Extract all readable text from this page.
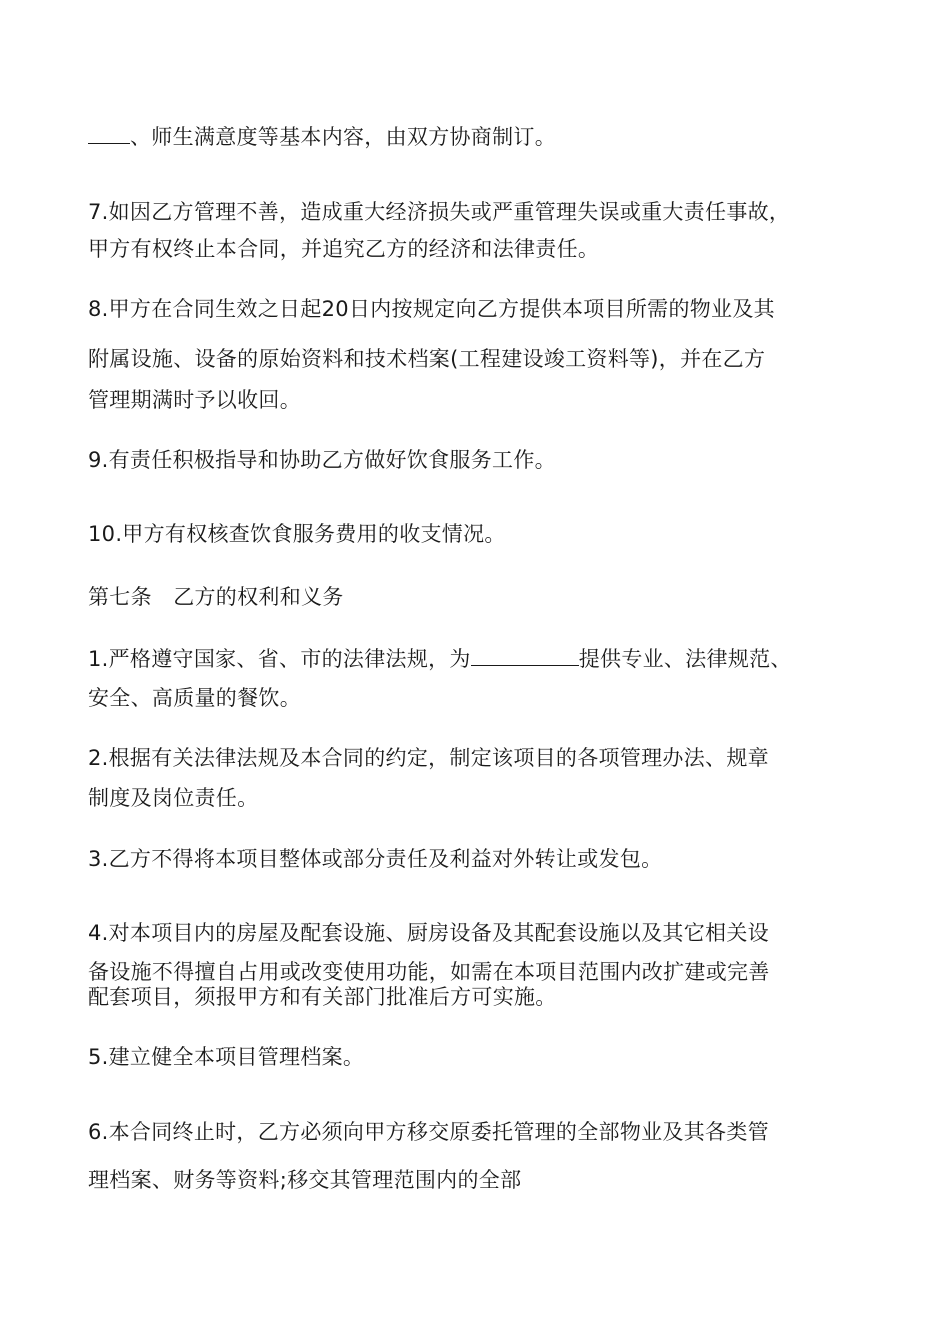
、师生满意度等基本内容，由双方协商制订。
7.如因乙方管理不善，造成重大经济损失或严重管理失误或重大责任事故，
甲方有权终止本合同，并追究乙方的经济和法律责任。
8.甲方在合同生效之日起20日内按规定向乙方提供本项目所需的物业及其
附属设施、设备的原始资料和技术档案(工程建设竣工资料等)，并在乙方
管理期满时予以收回。
9.有责任积极指导和协助乙方做好饮食服务工作。
10.甲方有权核查饮食服务费用的收支情况。
第七条　乙方的权利和义务
1.严格遵守国家、省、市的法律法规，为	提供专业、法律规范、
安全、高质量的餐饮。
2.根据有关法律法规及本合同的约定，制定该项目的各项管理办法、规章
制度及岗位责任。
3.乙方不得将本项目整体或部分责任及利益对外转让或发包。
4.对本项目内的房屋及配套设施、厨房设备及其配套设施以及其它相关设
备设施不得擅自占用或改变使用功能，如需在本项目范围内改扩建或完善
配套项目，须报甲方和有关部门批准后方可实施。
5.建立健全本项目管理档案。
6.本合同终止时，乙方必须向甲方移交原委托管理的全部物业及其各类管
理档案、财务等资料;移交其管理范围内的全部
